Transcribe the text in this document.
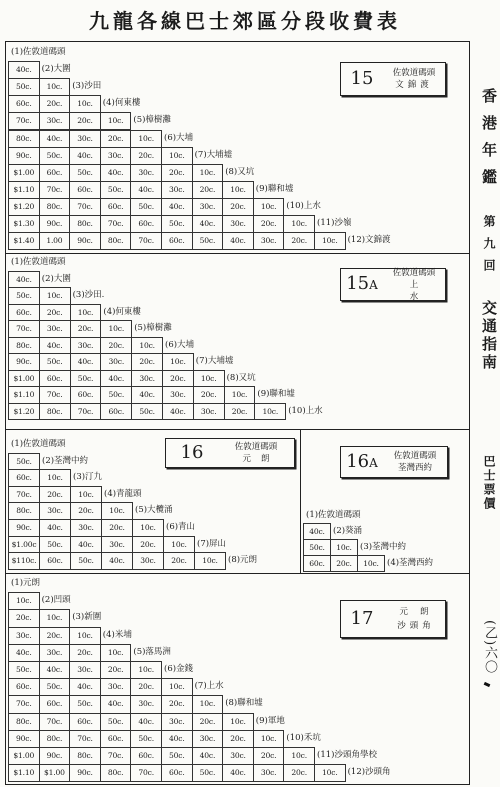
九龍各線巴士郊區分段收費表
(1)佐敦道碼頭
40c.	(2)大圍
50c.	10c.	(3)沙田
60c.	20c.	10c.	(4)何東樓
70c.	30c.	20c.	10c.	(5)樟樹灘
80c.	40c.	30c.	20c.	10c.	(6)大埔
90c.	50c.	40c.	30c.	20c.	10c.	(7)大埔墟
$1.00	60c.	50c.	40c.	30c.	20c.	10c.	(8)又坑
$1.10	70c.	60c.	50c.	40c.	30c.	20c.	10c.	(9)聯和墟
$1.20	80c.	70c.	60c.	50c.	40c.	30c.	20c.	10c.	(10)上水
$1.30	90c.	80c.	70c.	60c.	50c.	40c.	30c.	20c.	10c.	(11)沙嶺
$1.40	1.00	90c.	80c.	70c.	60c.	50c.	40c.	30c.	20c.	10c.	(12)文錦渡
(1)佐敦道碼頭
40c.	(2)大圍
50c.	10c.	(3)沙田.
60c.	20c.	10c.	(4)何東樓
70c.	30c.	20c.	10c.	(5)樟樹灘
80c.	40c.	30c.	20c.	10c.	(6)大埔
90c.	50c.	40c.	30c.	20c.	10c.	(7)大埔墟
$1.00	60c.	50c.	40c.	30c.	20c.	10c.	(8)又坑
$1.10	70c.	60c.	50c.	40c.	30c.	20c.	10c.	(9)聯和墟
$1.20	80c.	70c.	60c.	50c.	40c.	30c.	20c.	10c.	(10)上水
(1)佐敦道碼頭
50c.	(2)荃灣中約
60c.	10c.	(3)汀九
70c.	20c.	10c.	(4)青龍頭
80c.	30c.	20c.	10c.	(5)大欖涌
90c.	40c.	30c.	20c.	10c.	(6)青山
$1.00c	50c.	40c.	30c.	20c.	10c.	(7)屏山
$110c.	60c.	50c.	40c.	30c.	20c.	10c.	(8)元朗
(1)佐敦道碼頭
40c. (2)葵涌
50c.	10c. (3)荃灣中約
60c.	20c.	10c. (4)荃灣西約
(1)元朗
10c.	(2)凹頭
20c.	10c.	(3)新圍
30c.	20c.	10c.	(4)米埔
40c.	30c.	20c.	10c.	(5)落馬洲
50c.	40c.	30c.	20c.	10c.	(6)金錢
60c.	50c.	40c.	30c.	20c.	10c.	(7)上水
70c.	60c.	50c.	40c.	30c.	20c.	10c.	(8)聯和墟
80c.	70c.	60c.	50c.	40c.	30c.	20c.	10c.	(9)軍地
90c.	80c.	70c.	60c.	50c.	40c.	30c.	20c.	10c.	(10)禾坑
$1.00	90c.	80c.	70c.	60c.	50c.	40c.	30c.	20c.	10c.	(11)沙頭角學校
$1.10	$1.00	90c.	80c.	70c.	60c.	50c.	40c.	30c.	20c.	10c.	(12)沙頭角
15	佐敦道碼頭
文錦渡
15A
佐敦道碼頭
上水
16	佐敦道碼頭
元朗	16A	佐敦道碼頭
荃灣西約
17	元朗
沙頭角
香港年鑑
第九回
交通指南
巴士票價
(乙)六〇
